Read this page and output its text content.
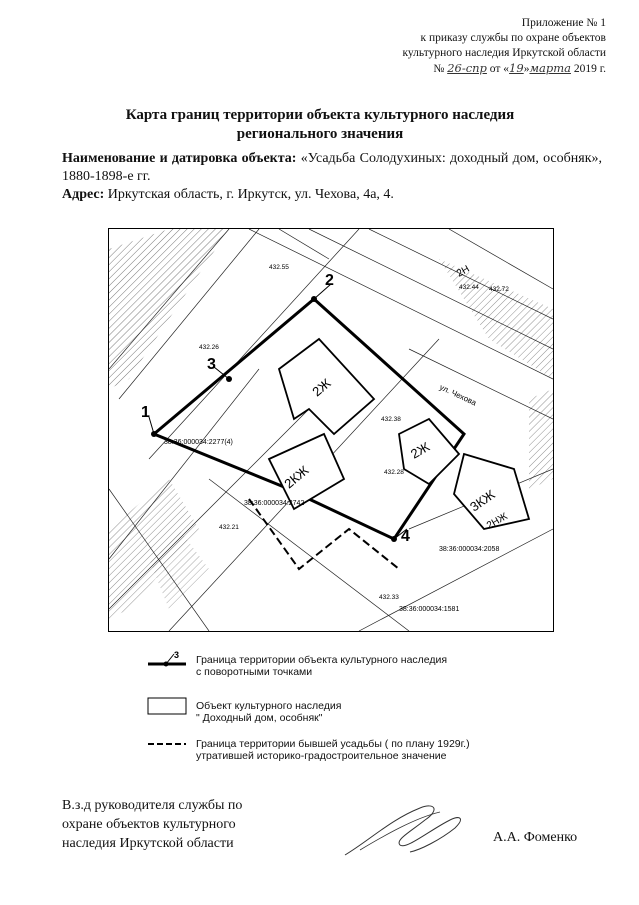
Приложение № 1
к приказу службы по охране объектов
культурного наследия Иркутской области
№ 26-спр от «19»марта 2019 г.
Карта границ территории объекта культурного наследия
регионального значения
Наименование и датировка объекта: «Усадьба Солодухиных: доходный дом, особняк», 1880-1898-е гг.
Адрес: Иркутская область, г. Иркутск, ул. Чехова, 4а, 4.
2Ж
2Ж
3КЖ
2КЖ
2Н
2НЖ
ул. Чехова
38:36:000034:2742
38:36:000034:2058
38:36:000034:1581
38:36:000034:2277(4)
432.38
432.44
432.28
432.21
432.72
432.33
432.26
432.55
1
2
3
4
3 Граница территории объекта культурного наследия
с поворотными точками
Объект культурного наследия
" Доходный дом, особняк"
Граница территории бывшей усадьбы ( по плану 1929г.)
утратившей историко-градостроительное значение
В.з.д руководителя службы по
охране объектов культурного
наследия Иркутской области	А.А. Фоменко
